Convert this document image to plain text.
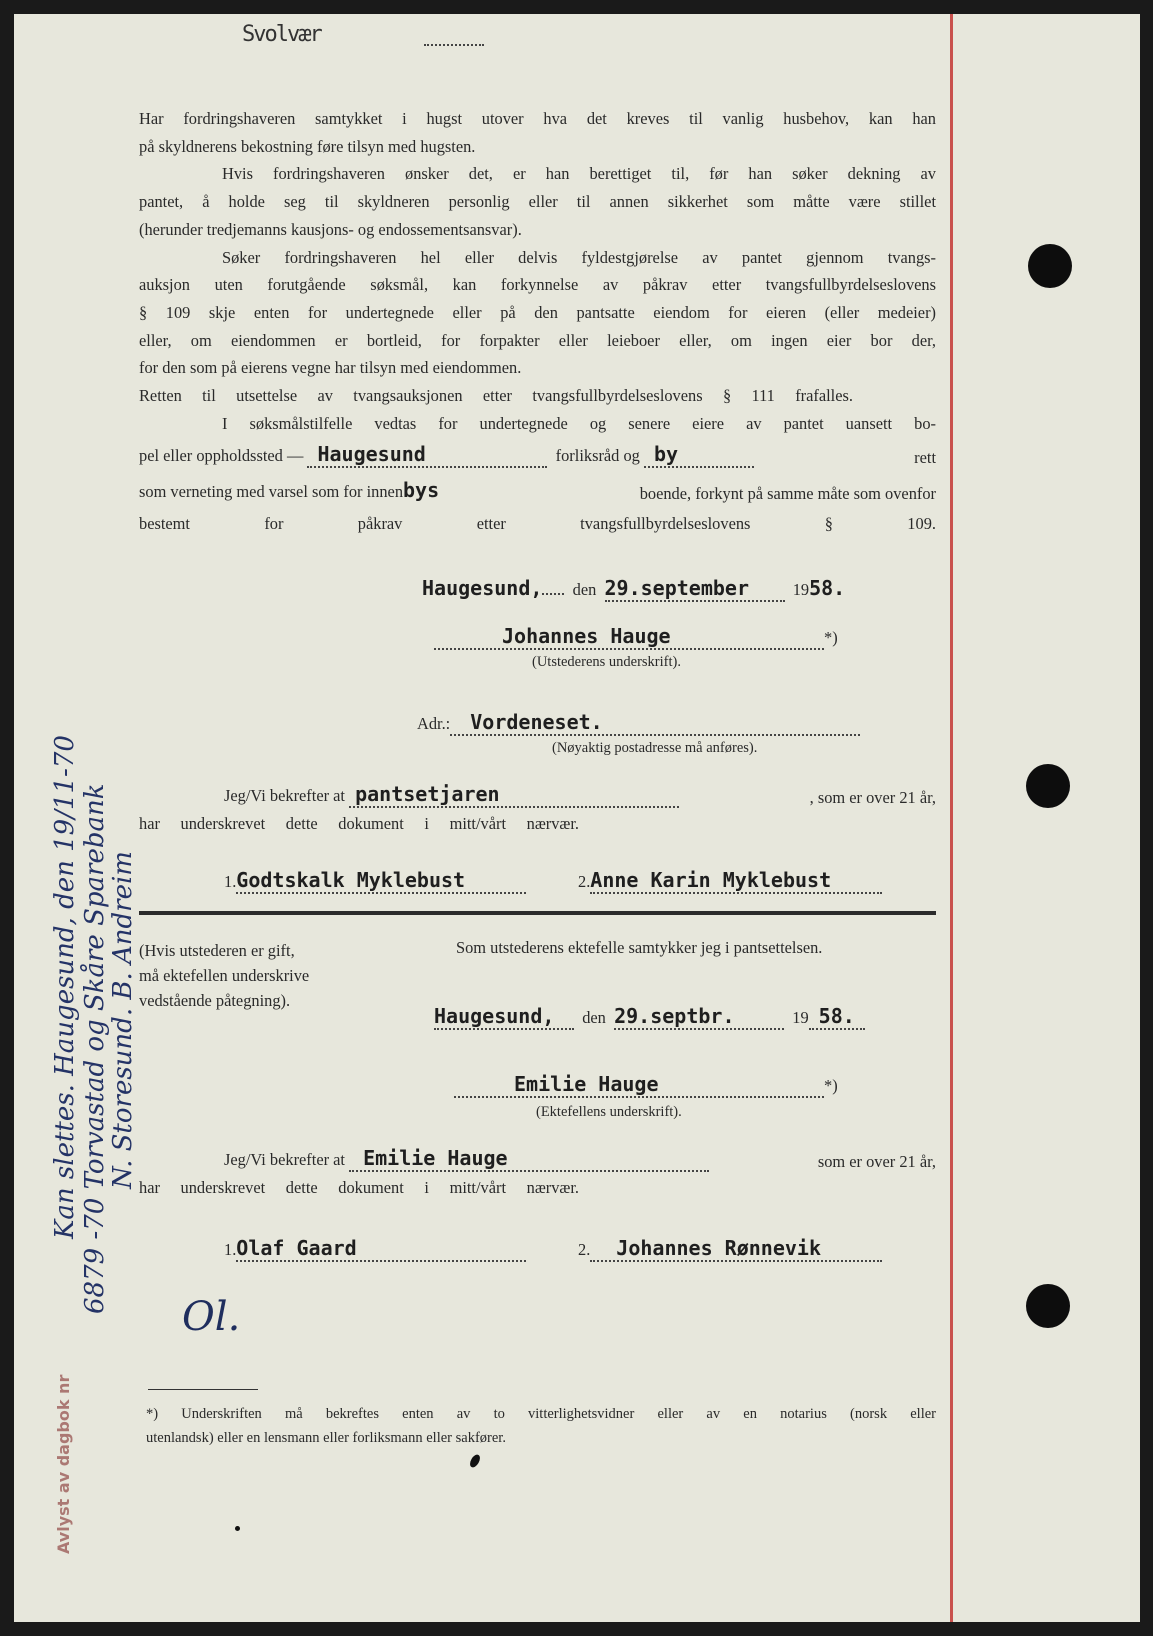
Svolvær
Har fordringshaveren samtykket i hugst utover hva det kreves til vanlig husbehov, kan han
på skyldnerens bekostning føre tilsyn med hugsten.
Hvis fordringshaveren ønsker det, er han berettiget til, før han søker dekning av
pantet, å holde seg til skyldneren personlig eller til annen sikkerhet som måtte være stillet
(herunder tredjemanns kausjons- og endossementsansvar).
Søker fordringshaveren hel eller delvis fyldestgjørelse av pantet gjennom tvangs-
auksjon uten forutgående søksmål, kan forkynnelse av påkrav etter tvangsfullbyrdelseslovens
§ 109 skje enten for undertegnede eller på den pantsatte eiendom for eieren (eller medeier)
eller, om eiendommen er bortleid, for forpakter eller leieboer eller, om ingen eier bor der,
for den som på eierens vegne har tilsyn med eiendommen.
Retten til utsettelse av tvangsauksjonen etter tvangsfullbyrdelseslovens § 111 frafalles.
I søksmålstilfelle vedtas for undertegnede og senere eiere av pantet uansett bo-
pel eller oppholdssted — Haugesund	forliksråd og by	rett
som verneting med varsel som for innenbys	boende, forkynt på samme måte som ovenfor
bestemt for påkrav etter tvangsfullbyrdelseslovens § 109.
Haugesund, den 29.september	1958.
Johannes Hauge	*)
(Utstederens underskrift).
Adr.: Vordeneset.
(Nøyaktig postadresse må anføres).
Jeg/Vi bekrefter at pantsetjaren	, som er over 21 år,
har underskrevet dette dokument i mitt/vårt nærvær.
1.Godtskalk Myklebust	2.Anne Karin Myklebust
(Hvis utstederen er gift,
må ektefellen underskrive
vedstående påtegning).
Som utstederens ektefelle samtykker jeg i pantsettelsen.
Haugesund, den 29.septbr.	19 58.
Emilie Hauge	*)
(Ektefellens underskrift).
Jeg/Vi bekrefter at Emilie Hauge	som er over 21 år,
har underskrevet dette dokument i mitt/vårt nærvær.
1.Olaf Gaard	2. Johannes Rønnevik
Ol.
*) Underskriften må bekreftes enten av to vitterlighetsvidner eller av en notarius (norsk eller
utenlandsk) eller en lensmann eller forliksmann eller sakfører.
Kan slettes. Haugesund, den 19/11-70 6879 -70 Torvastad og Skåre Sparebank
N. Storesund. B. Andreim
Avlyst av dagbok nr
